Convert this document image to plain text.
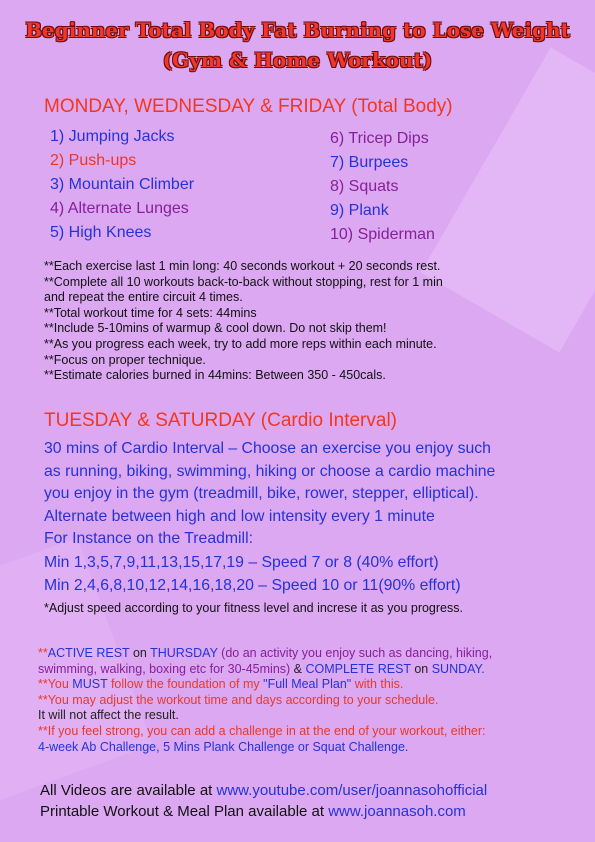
Beginner Total Body Fat Burning to Lose Weight
(Gym & Home Workout)
MONDAY, WEDNESDAY & FRIDAY (Total Body)
1) Jumping Jacks
2) Push-ups
3) Mountain Climber
4) Alternate Lunges
5) High Knees
6) Tricep Dips
7) Burpees
8) Squats
9) Plank
10) Spiderman
**Each exercise last 1 min long: 40 seconds workout + 20 seconds rest.
**Complete all 10 workouts back-to-back without stopping, rest for 1 min
and repeat the entire circuit 4 times.
**Total workout time for 4 sets: 44mins
**Include 5-10mins of warmup & cool down. Do not skip them!
**As you progress each week, try to add more reps within each minute.
**Focus on proper technique.
**Estimate calories burned in 44mins: Between 350 - 450cals.
TUESDAY & SATURDAY (Cardio Interval)
30 mins of Cardio Interval – Choose an exercise you enjoy such
as running, biking, swimming, hiking or choose a cardio machine
you enjoy in the gym (treadmill, bike, rower, stepper, elliptical).
Alternate between high and low intensity every 1 minute
For Instance on the Treadmill:
Min 1,3,5,7,9,11,13,15,17,19 – Speed 7 or 8 (40% effort)
Min 2,4,6,8,10,12,14,16,18,20 – Speed 10 or 11(90% effort)
*Adjust speed according to your fitness level and increse it as you progress.
**ACTIVE REST on THURSDAY (do an activity you enjoy such as dancing, hiking,
swimming, walking, boxing etc for 30-45mins) & COMPLETE REST on SUNDAY.
**You MUST follow the foundation of my "Full Meal Plan" with this.
**You may adjust the workout time and days according to your schedule.
It will not affect the result.
**If you feel strong, you can add a challenge in at the end of your workout, either:
4-week Ab Challenge, 5 Mins Plank Challenge or Squat Challenge.
All Videos are available at www.youtube.com/user/joannasohofficial
Printable Workout & Meal Plan available at www.joannasoh.com
